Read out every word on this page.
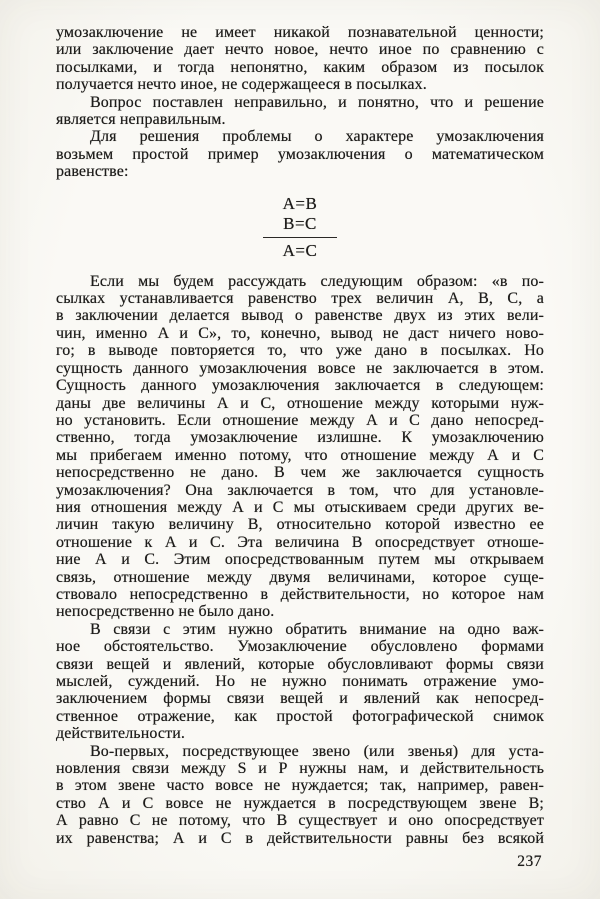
умозаключение не имеет никакой познавательной ценности;
или заключение дает нечто новое, нечто иное по сравнению с
посылками, и тогда непонятно, каким образом из посылок
получается нечто иное, не содержащееся в посылках.
Вопрос поставлен неправильно, и понятно, что и решение
является неправильным.
Для решения проблемы о характере умозаключения
возьмем простой пример умозаключения о математическом
равенстве:
А=В
В=С
А=С
Если мы будем рассуждать следующим образом: «в по-
сылках устанавливается равенство трех величин А, В, С, а
в заключении делается вывод о равенстве двух из этих вели-
чин, именно А и С», то, конечно, вывод не даст ничего ново-
го; в выводе повторяется то, что уже дано в посылках. Но
сущность данного умозаключения вовсе не заключается в этом.
Сущность данного умозаключения заключается в следующем:
даны две величины А и С, отношение между которыми нуж-
но установить. Если отношение между А и С дано непосред-
ственно, тогда умозаключение излишне. К умозаключению
мы прибегаем именно потому, что отношение между А и С
непосредственно не дано. В чем же заключается сущность
умозаключения? Она заключается в том, что для установле-
ния отношения между А и С мы отыскиваем среди других ве-
личин такую величину В, относительно которой известно ее
отношение к А и С. Эта величина В опосредствует отноше-
ние А и С. Этим опосредствованным путем мы открываем
связь, отношение между двумя величинами, которое суще-
ствовало непосредственно в действительности, но которое нам
непосредственно не было дано.
В связи с этим нужно обратить внимание на одно важ-
ное обстоятельство. Умозаключение обусловлено формами
связи вещей и явлений, которые обусловливают формы связи
мыслей, суждений. Но не нужно понимать отражение умо-
заключением формы связи вещей и явлений как непосред-
ственное отражение, как простой фотографической снимок
действительности.
Во-первых, посредствующее звено (или звенья) для уста-
новления связи между S и Р нужны нам, и действительность
в этом звене часто вовсе не нуждается; так, например, равен-
ство А и С вовсе не нуждается в посредствующем звене В;
А равно С не потому, что В существует и оно опосредствует
их равенства; А и С в действительности равны без всякой
237
